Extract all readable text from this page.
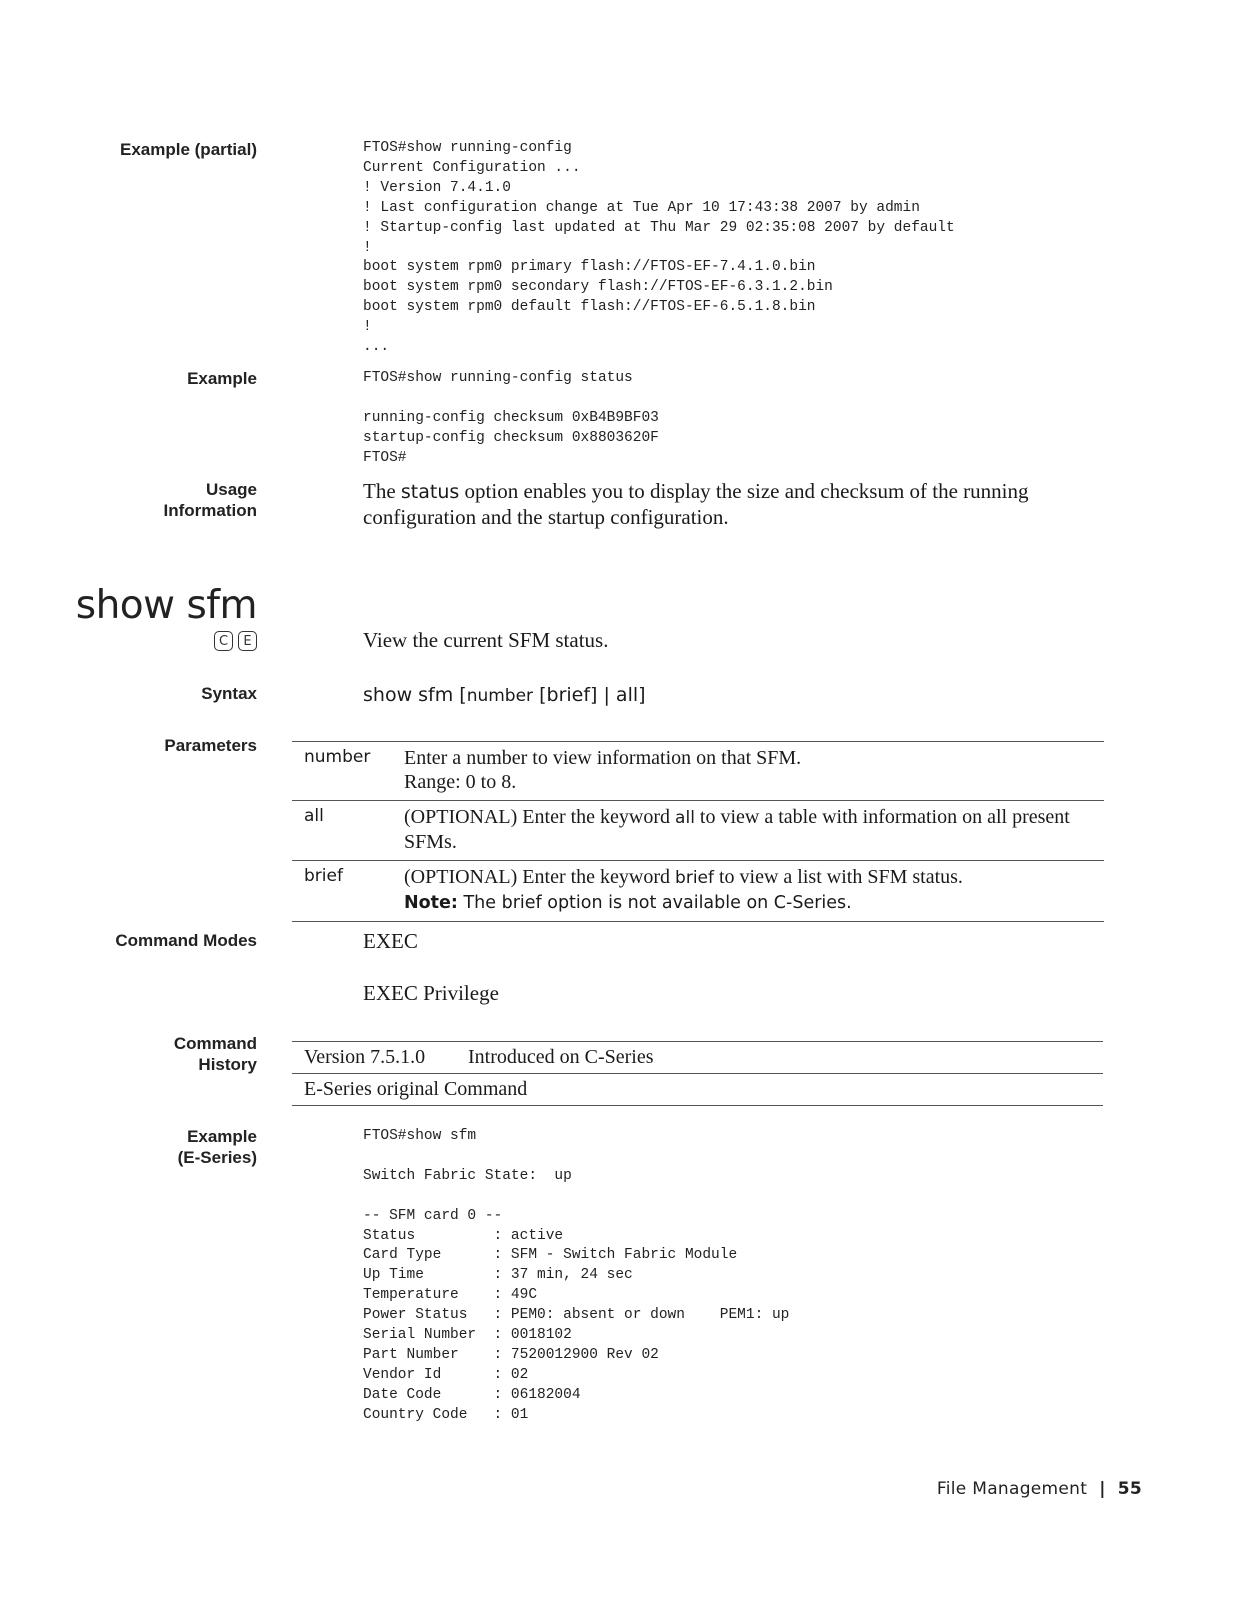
Example (partial)	FTOS#show running-config
Current Configuration ...
! Version 7.4.1.0
! Last configuration change at Tue Apr 10 17:43:38 2007 by admin
! Startup-config last updated at Thu Mar 29 02:35:08 2007 by default
!
boot system rpm0 primary flash://FTOS-EF-7.4.1.0.bin
boot system rpm0 secondary flash://FTOS-EF-6.3.1.2.bin
boot system rpm0 default flash://FTOS-EF-6.5.1.8.bin
!
...
Example	FTOS#show running-config status

running-config checksum 0xB4B9BF03
startup-config checksum 0x8803620F
FTOS#
Usage
Information
The status option enables you to display the size and checksum of the running configuration and the startup configuration.
show sfm
C	E	View the current SFM status.
Syntax	show sfm [number [brief] | all]
Parameters
number	Enter a number to view information on that SFM.
Range: 0 to 8.
all	(OPTIONAL) Enter the keyword all to view a table with information on all present SFMs.
brief	(OPTIONAL) Enter the keyword brief to view a list with SFM status.
Note: The brief option is not available on C-Series.
Command Modes	EXEC
EXEC Privilege
Command
History Version 7.5.1.0	Introduced on C-Series
E-Series original Command
Example
(E-Series)
FTOS#show sfm

Switch Fabric State:  up

-- SFM card 0 --
Status         : active
Card Type      : SFM - Switch Fabric Module
Up Time        : 37 min, 24 sec
Temperature    : 49C
Power Status   : PEM0: absent or down    PEM1: up
Serial Number  : 0018102
Part Number    : 7520012900 Rev 02
Vendor Id      : 02
Date Code      : 06182004
Country Code   : 01
File Management | 55
